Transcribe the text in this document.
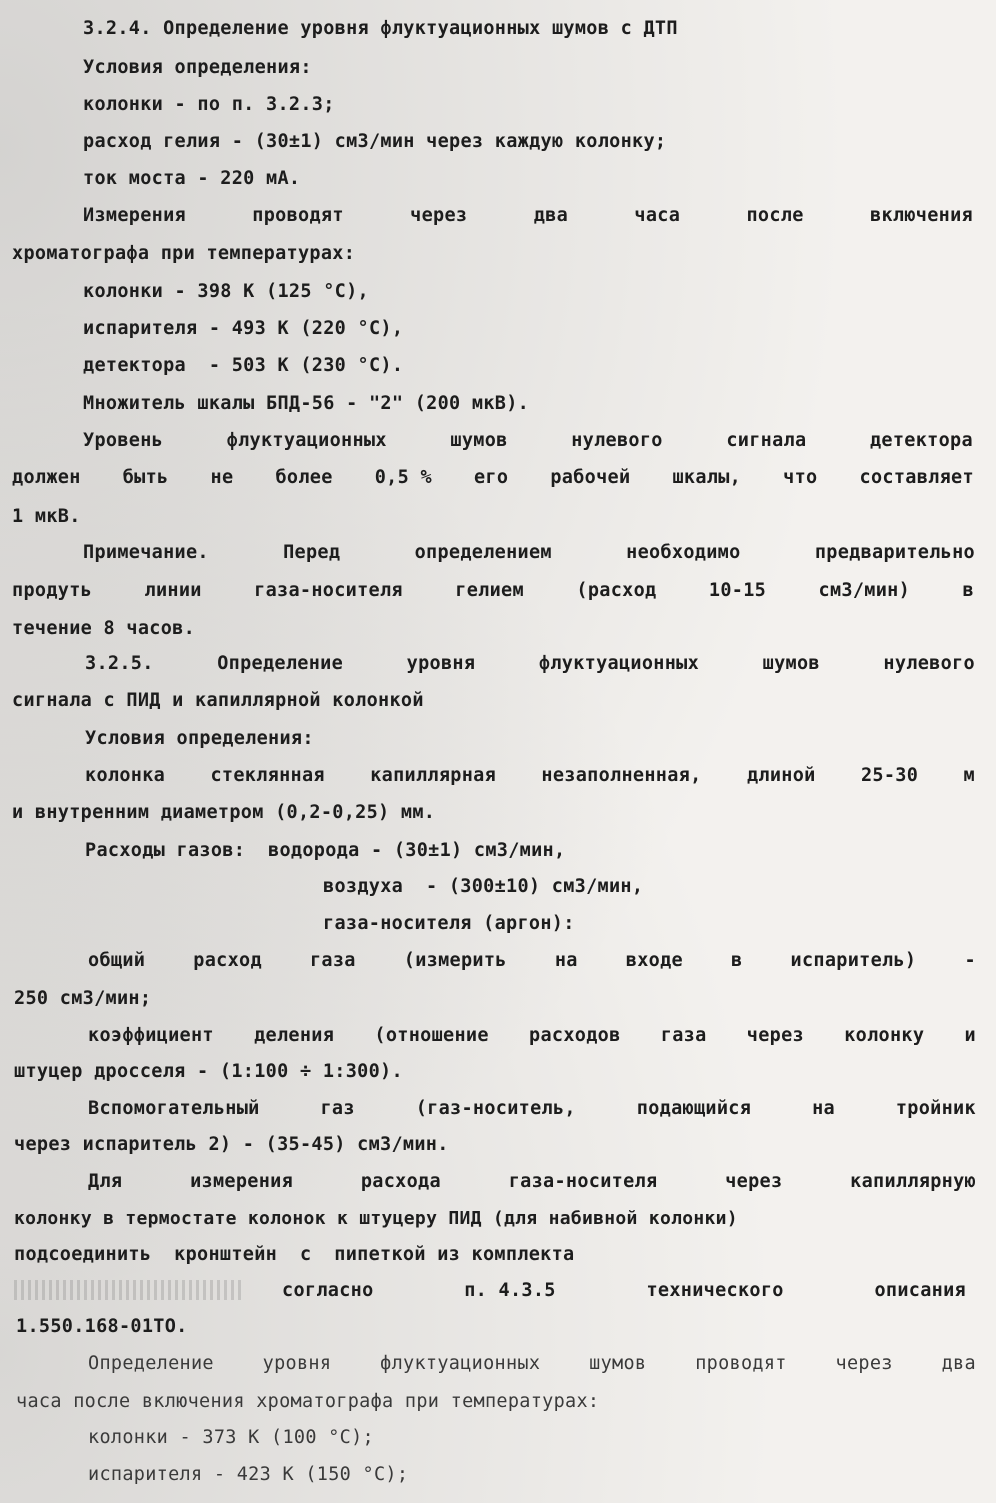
3.2.4. Определение уровня флуктуационных шумов с ДТП
Условия определения:
колонки - по п. 3.2.3;
расход гелия - (30±1) см3/мин через каждую колонку;
ток моста - 220 мА.
Измерения	проводят	через	два	часа	после	включения
хроматографа при температурах:
колонки - 398 К (125 °С),
испарителя - 493 К (220 °С),
детектора  - 503 К (230 °С).
Множитель шкалы БПД-56 - "2" (200 мкВ).
Уровень	флуктуационных	шумов	нулевого	сигнала	детектора
должен быть не более 0,5 % его рабочей шкалы, что составляет
1 мкВ.
Примечание.	Перед	определением	необходимо	предварительно
продуть	линии	газа-носителя	гелием	(расход	10-15	см3/мин)	в
течение 8 часов.
3.2.5.	Определение	уровня	флуктуационных	шумов	нулевого
сигнала с ПИД и капиллярной колонкой
Условия определения:
колонка стеклянная капиллярная незаполненная, длиной 25-30 м
и внутренним диаметром (0,2-0,25) мм.
Расходы газов:  водорода - (30±1) см3/мин,
воздуха  - (300±10) см3/мин,
газа-носителя (аргон):
общий	расход	газа	(измерить	на	входе	в	испаритель)	-
250 см3/мин;
коэффициент деления (отношение расходов газа через колонку и
штуцер дросселя - (1:100 ÷ 1:300).
Вспомогательный	газ	(газ-носитель,	подающийся	на	тройник
через испаритель 2) - (35-45) см3/мин.
Для	измерения	расхода	газа-носителя	через	капиллярную
колонку в термостате колонок к штуцеру ПИД (для набивной колонки)
подсоединить  кронштейн  с  пипеткой из комплекта
согласно	п. 4.3.5	технического	описания
1.550.168-01ТО.
Определение	уровня	флуктуационных	шумов	проводят	через	два
часа после включения хроматографа при температурах:
колонки - 373 К (100 °С);
испарителя - 423 К (150 °С);
